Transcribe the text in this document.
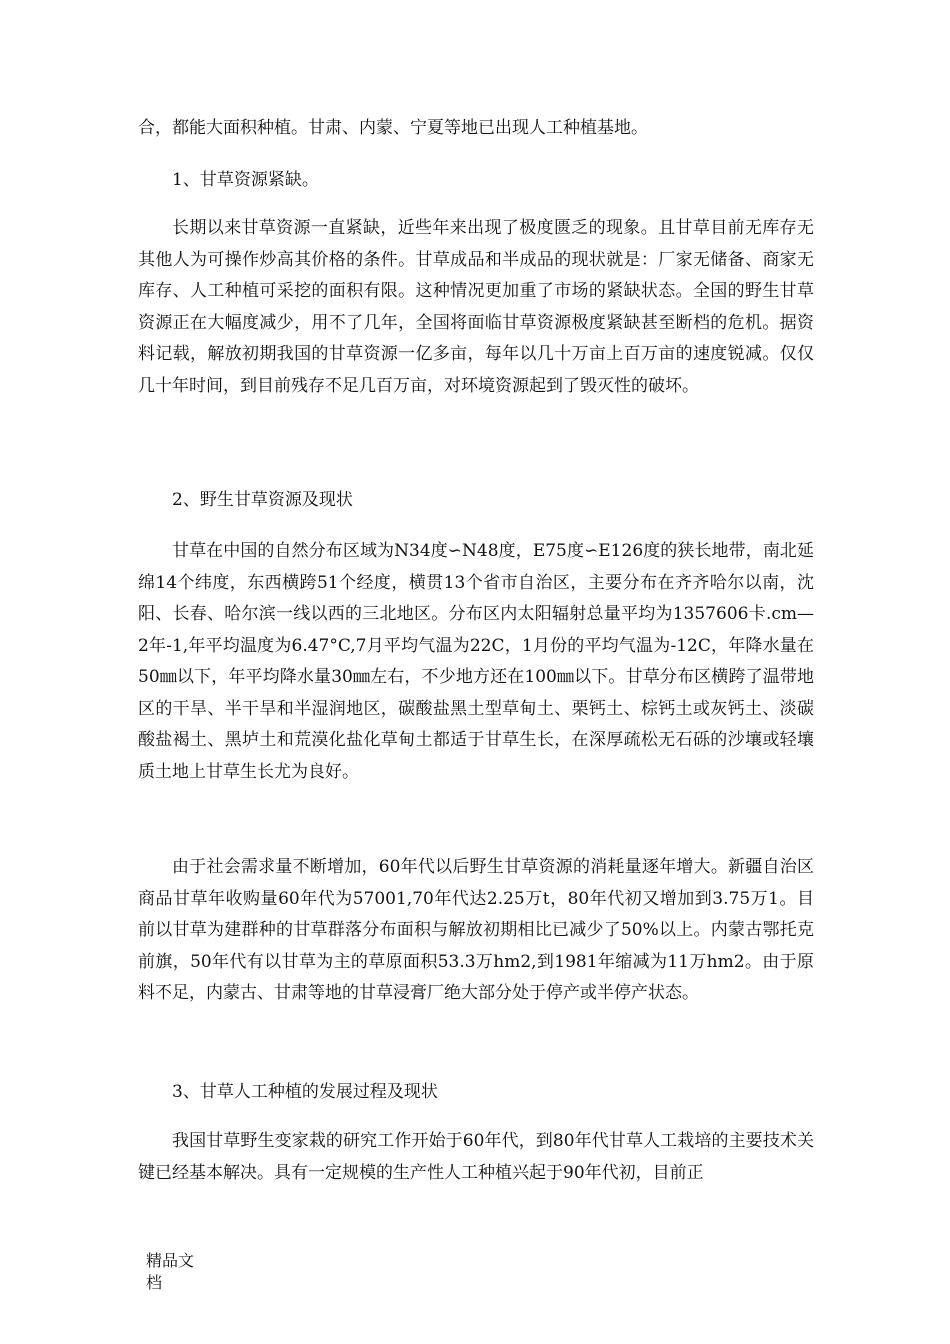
合，都能大面积种植。甘肃、内蒙、宁夏等地已出现人工种植基地。

1、甘草资源紧缺。

长期以来甘草资源一直紧缺，近些年来出现了极度匮乏的现象。且甘草目前无库存无其他人为可操作炒高其价格的条件。甘草成品和半成品的现状就是：厂家无储备、商家无库存、人工种植可采挖的面积有限。这种情况更加重了市场的紧缺状态。全国的野生甘草资源正在大幅度减少，用不了几年，全国将面临甘草资源极度紧缺甚至断档的危机。据资料记载，解放初期我国的甘草资源一亿多亩，每年以几十万亩上百万亩的速度锐减。仅仅几十年时间，到目前残存不足几百万亩，对环境资源起到了毁灭性的破坏。

2、野生甘草资源及现状

甘草在中国的自然分布区域为N34度∽N48度，E75度∽E126度的狭长地带，南北延绵14个纬度，东西横跨51个经度，横贯13个省市自治区，主要分布在齐齐哈尔以南，沈阳、长春、哈尔滨一线以西的三北地区。分布区内太阳辐射总量平均为1357606卡.cm—2年-1,年平均温度为6.47°C,7月平均气温为22C，1月份的平均气温为-12C，年降水量在50㎜以下，年平均降水量30㎜左右，不少地方还在100㎜以下。甘草分布区横跨了温带地区的干旱、半干旱和半湿润地区，碳酸盐黑土型草甸土、栗钙土、棕钙土或灰钙土、淡碳酸盐褐土、黑垆土和荒漠化盐化草甸土都适于甘草生长，在深厚疏松无石砾的沙壤或轻壤质土地上甘草生长尤为良好。

由于社会需求量不断增加，60年代以后野生甘草资源的消耗量逐年增大。新疆自治区商品甘草年收购量60年代为57001,70年代达2.25万t，80年代初又增加到3.75万1。目前以甘草为建群种的甘草群落分布面积与解放初期相比已减少了50%以上。内蒙古鄂托克前旗，50年代有以甘草为主的草原面积53.3万hm2,到1981年缩减为11万hm2。由于原料不足，内蒙古、甘肃等地的甘草浸膏厂绝大部分处于停产或半停产状态。

3、甘草人工种植的发展过程及现状

我国甘草野生变家栽的研究工作开始于60年代，到80年代甘草人工栽培的主要技术关键已经基本解决。具有一定规模的生产性人工种植兴起于90年代初，目前正

精品文档
